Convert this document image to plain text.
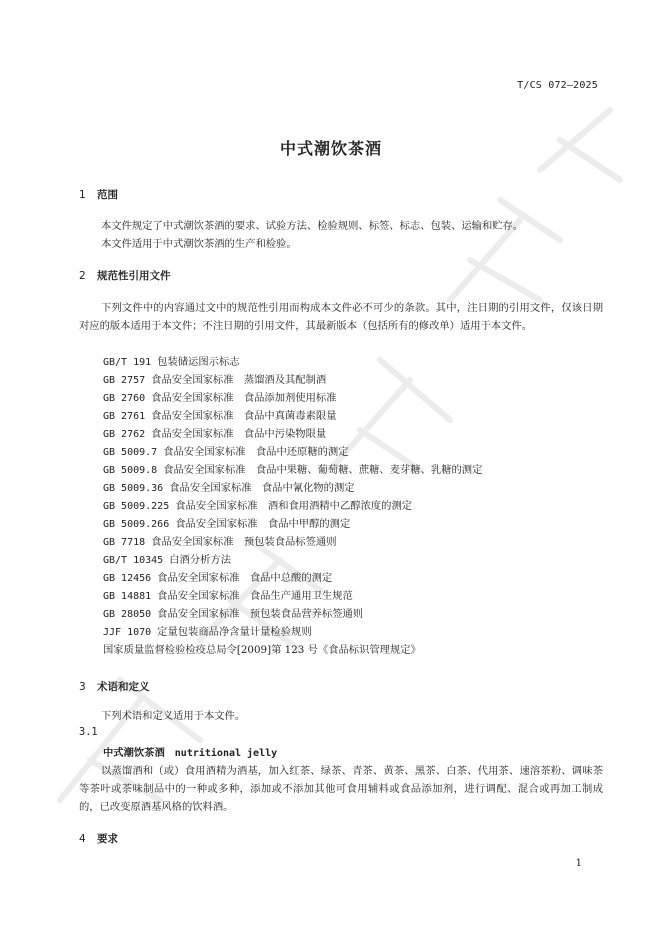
T/CS 072—2025
中式潮饮茶酒
1 范围
本文件规定了中式潮饮茶酒的要求、试验方法、检验规则、标签、标志、包装、运输和贮存。
本文件适用于中式潮饮茶酒的生产和检验。
2 规范性引用文件
下列文件中的内容通过文中的规范性引用而构成本文件必不可少的条款。其中，注日期的引用文件，仅该日期对应的版本适用于本文件；不注日期的引用文件，其最新版本（包括所有的修改单）适用于本文件。
GB/T 191 包装储运图示标志
GB 2757 食品安全国家标准　蒸馏酒及其配制酒
GB 2760 食品安全国家标准　食品添加剂使用标准
GB 2761 食品安全国家标准　食品中真菌毒素限量
GB 2762 食品安全国家标准　食品中污染物限量
GB 5009.7 食品安全国家标准　食品中还原糖的测定
GB 5009.8 食品安全国家标准　食品中果糖、葡萄糖、蔗糖、麦芽糖、乳糖的测定
GB 5009.36 食品安全国家标准　食品中氰化物的测定
GB 5009.225 食品安全国家标准　酒和食用酒精中乙醇浓度的测定
GB 5009.266 食品安全国家标准　食品中甲醇的测定
GB 7718 食品安全国家标准　预包装食品标签通则
GB/T 10345 白酒分析方法
GB 12456 食品安全国家标准　食品中总酸的测定
GB 14881 食品安全国家标准　食品生产通用卫生规范
GB 28050 食品安全国家标准　预包装食品营养标签通则
JJF 1070 定量包装商品净含量计量检验规则
国家质量监督检验检疫总局令[2009]第 123 号《食品标识管理规定》
3 术语和定义
下列术语和定义适用于本文件。
3.1
中式潮饮茶酒 nutritional jelly
以蒸馏酒和（或）食用酒精为酒基，加入红茶、绿茶、青茶、黄茶、黑茶、白茶、代用茶、速溶茶粉、调味茶等茶叶或茶味制品中的一种或多种，添加或不添加其他可食用辅料或食品添加剂，进行调配、混合或再加工制成的，已改变原酒基风格的饮料酒。
4 要求
1
